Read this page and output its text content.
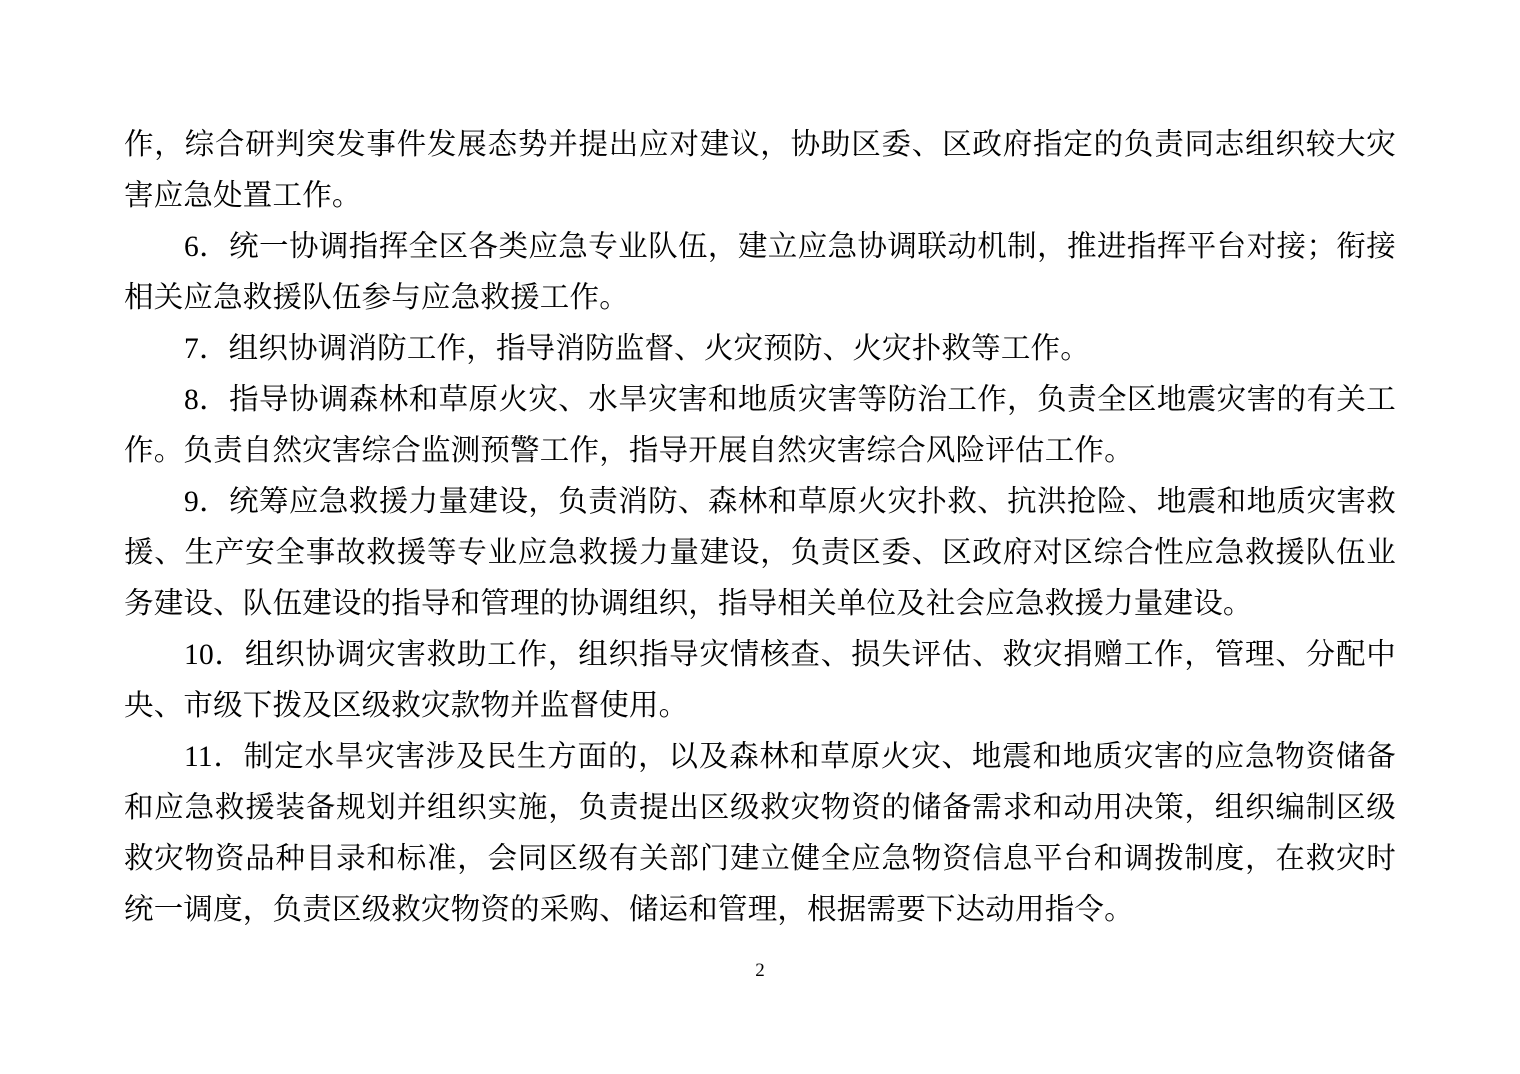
作，综合研判突发事件发展态势并提出应对建议，协助区委、区政府指定的负责同志组织较大灾害应急处置工作。

6．统一协调指挥全区各类应急专业队伍，建立应急协调联动机制，推进指挥平台对接；衔接相关应急救援队伍参与应急救援工作。

7．组织协调消防工作，指导消防监督、火灾预防、火灾扑救等工作。

8．指导协调森林和草原火灾、水旱灾害和地质灾害等防治工作，负责全区地震灾害的有关工作。负责自然灾害综合监测预警工作，指导开展自然灾害综合风险评估工作。

9．统筹应急救援力量建设，负责消防、森林和草原火灾扑救、抗洪抢险、地震和地质灾害救援、生产安全事故救援等专业应急救援力量建设，负责区委、区政府对区综合性应急救援队伍业务建设、队伍建设的指导和管理的协调组织，指导相关单位及社会应急救援力量建设。

10．组织协调灾害救助工作，组织指导灾情核查、损失评估、救灾捐赠工作，管理、分配中央、市级下拨及区级救灾款物并监督使用。

11．制定水旱灾害涉及民生方面的，以及森林和草原火灾、地震和地质灾害的应急物资储备和应急救援装备规划并组织实施，负责提出区级救灾物资的储备需求和动用决策，组织编制区级救灾物资品种目录和标准，会同区级有关部门建立健全应急物资信息平台和调拨制度，在救灾时统一调度，负责区级救灾物资的采购、储运和管理，根据需要下达动用指令。

2
